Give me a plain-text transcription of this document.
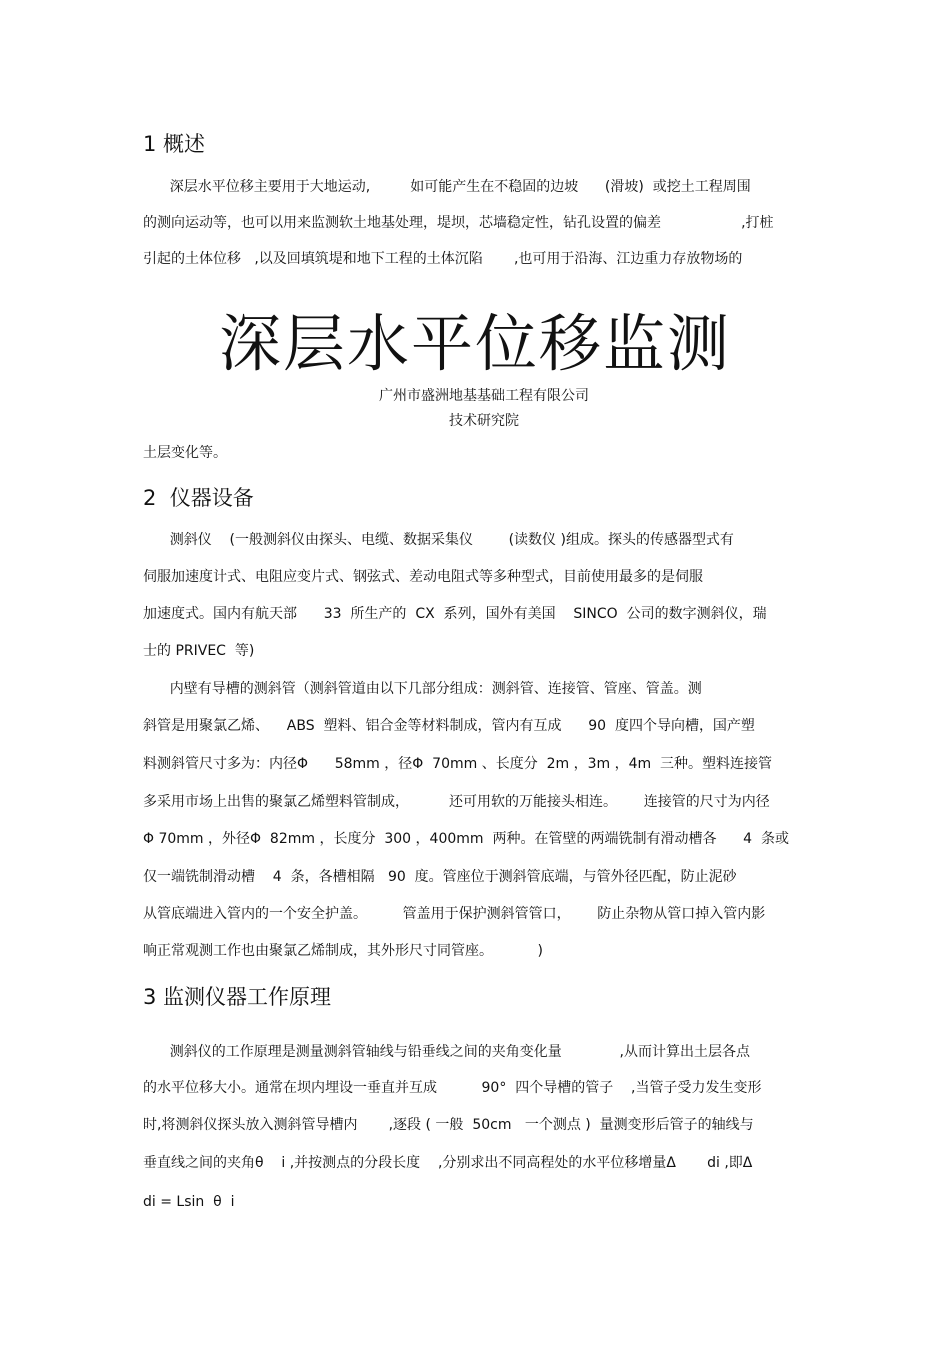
1 概述
深层水平位移主要用于大地运动,         如可能产生在不稳固的边坡      (滑坡)  或挖土工程周围
的测向运动等，也可以用来监测软土地基处理，堤坝，芯墙稳定性，钻孔设置的偏差                  ,打桩
引起的土体位移   ,以及回填筑堤和地下工程的土体沉陷       ,也可用于沿海、江边重力存放物场的
深层水平位移监测
广州市盛洲地基基础工程有限公司
技术研究院
土层变化等。
2  仪器设备
测斜仪    (一般测斜仪由探头、电缆、数据采集仪        (读数仪 )组成。探头的传感器型式有
伺服加速度计式、电阻应变片式、钢弦式、差动电阻式等多种型式，目前使用最多的是伺服
加速度式。国内有航天部      33  所生产的  CX  系列，国外有美国    SINCO  公司的数字测斜仪，瑞
士的 PRIVEC  等)
内壁有导槽的测斜管（测斜管道由以下几部分组成：测斜管、连接管、管座、管盖。测
斜管是用聚氯乙烯、    ABS  塑料、铝合金等材料制成，管内有互成      90  度四个导向槽，国产塑
料测斜管尺寸多为：内径Φ      58mm ，径Φ  70mm 、长度分  2m ，3m ，4m  三种。塑料连接管
多采用市场上出售的聚氯乙烯塑料管制成，         还可用软的万能接头相连。      连接管的尺寸为内径
Φ 70mm ，外径Φ  82mm ，长度分  300 ，400mm  两种。在管壁的两端铣制有滑动槽各      4  条或
仅一端铣制滑动槽    4  条，各槽相隔   90  度。管座位于测斜管底端，与管外径匹配，防止泥砂
从管底端进入管内的一个安全护盖。        管盖用于保护测斜管管口，      防止杂物从管口掉入管内影
响正常观测工作也由聚氯乙烯制成，其外形尺寸同管座。          )
3 监测仪器工作原理
测斜仪的工作原理是测量测斜管轴线与铅垂线之间的夹角变化量             ,从而计算出土层各点
的水平位移大小。通常在坝内埋设一垂直并互成          90°  四个导槽的管子    ,当管子受力发生变形
时,将测斜仪探头放入测斜管导槽内       ,逐段 ( 一般  50cm   一个测点 )  量测变形后管子的轴线与
垂直线之间的夹角θ    i ,并按测点的分段长度    ,分别求出不同高程处的水平位移增量Δ       di ,即Δ
di = Lsin  θ  i
